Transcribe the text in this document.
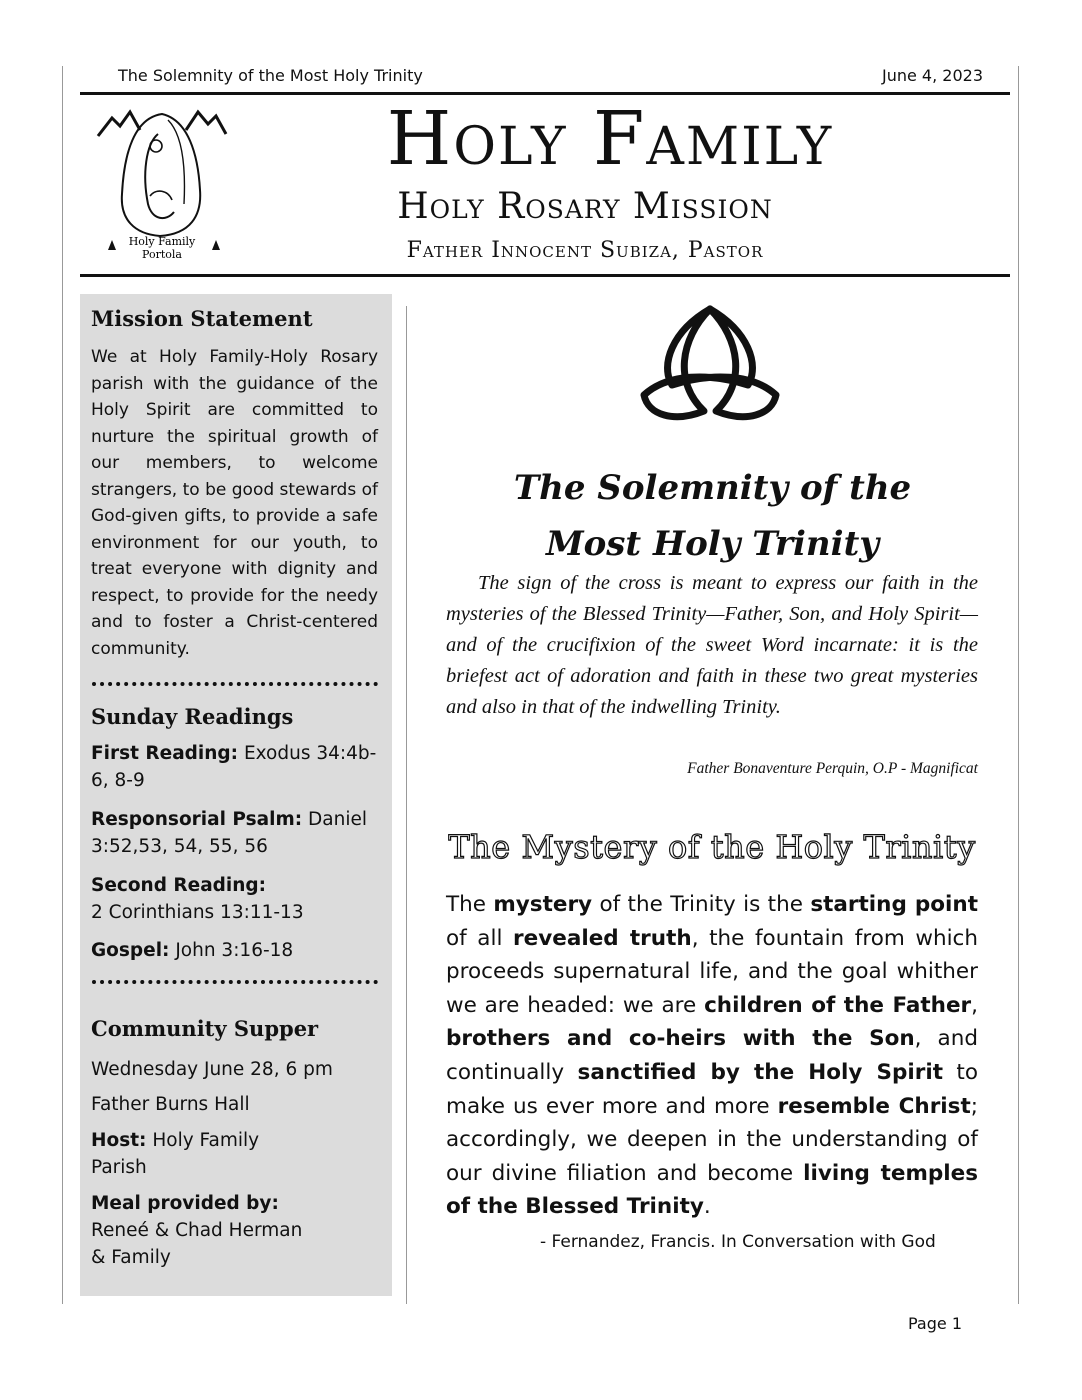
The Solemnity of the Most Holy Trinity	June 4, 2023
Holy Family
Portola
Holy Family
Holy Rosary Mission
Father Innocent Subiza, Pastor
Mission Statement
We at Holy Family-Holy Rosary parish with the guidance of the Holy Spirit are committed to nurture the spiritual growth of our members, to welcome strangers, to be good stewards of God-given gifts, to provide a safe environment for our youth, to treat everyone with dignity and respect, to provide for the needy and to foster a Christ-centered community.
Sunday Readings
First Reading: Exodus 34:4b-6, 8-9
Responsorial Psalm: Daniel 3:52,53, 54, 55, 56
Second Reading:
2 Corinthians 13:11-13
Gospel: John 3:16-18
Community Supper
Wednesday June 28, 6 pm
Father Burns Hall
Host: Holy Family Parish
Meal provided by:
Reneé & Chad Herman & Family
The Solemnity of the
Most Holy Trinity
The sign of the cross is meant to express our faith in the mysteries of the Blessed Trinity—Father, Son, and Holy Spirit—and of the crucifixion of the sweet Word incarnate: it is the briefest act of adoration and faith in these two great mysteries and also in that of the indwelling Trinity.
Father Bonaventure Perquin, O.P - Magnificat
The Mystery of the Holy Trinity
The mystery of the Trinity is the starting point of all revealed truth, the fountain from which proceeds supernatural life, and the goal whither we are headed: we are children of the Father, brothers and co-heirs with the Son, and continually sanctified by the Holy Spirit to make us ever more and more resemble Christ; accordingly, we deepen in the understanding of our divine filiation and become living temples of the Blessed Trinity.
- Fernandez, Francis. In Conversation with God
Page 1
